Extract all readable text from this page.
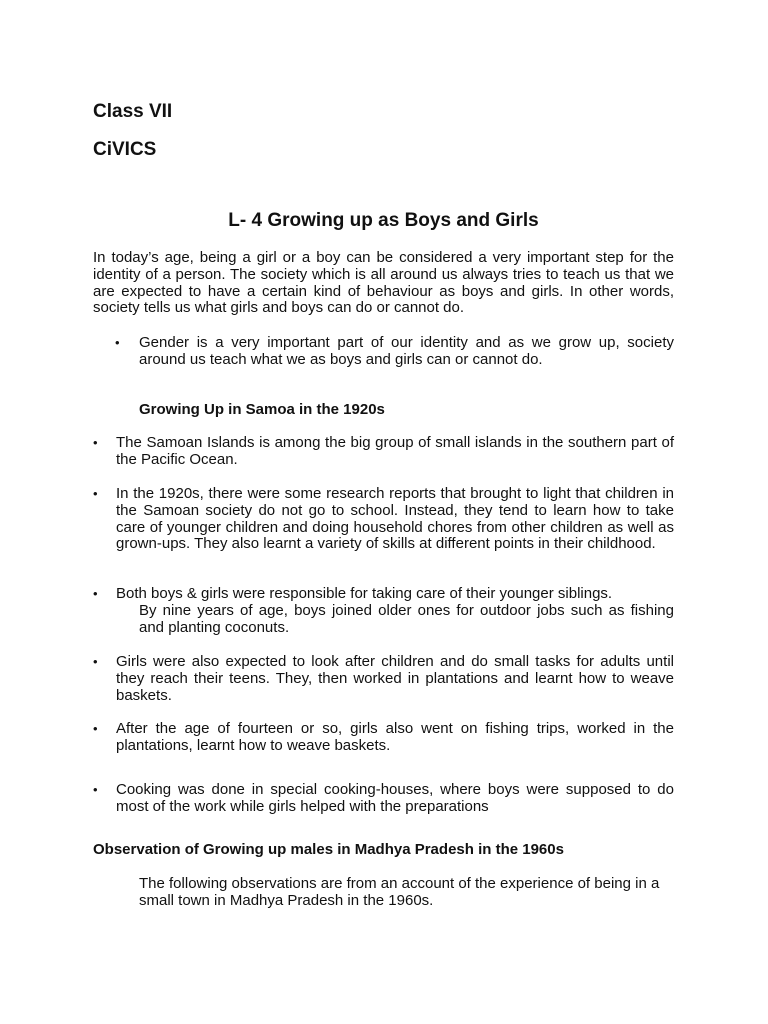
Class VII
CiVICS
L- 4 Growing up as Boys and Girls

In today’s age, being a girl or a boy can be considered a very important step for the identity of a person. The society which is all around us always tries to teach us that we are expected to have a certain kind of behaviour as boys and girls. In other words, society tells us what girls and boys can do or cannot do.

• Gender is a very important part of our identity and as we grow up, society around us teach what we as boys and girls can or cannot do.

Growing Up in Samoa in the 1920s

• The Samoan Islands is among the big group of small islands in the southern part of the Pacific Ocean.

• In the 1920s, there were some research reports that brought to light that children in the Samoan society do not go to school. Instead, they tend to learn how to take care of younger children and doing household chores from other children as well as grown-ups. They also learnt a variety of skills at different points in their childhood.

• Both boys & girls were responsible for taking care of their younger siblings.

By nine years of age, boys joined older ones for outdoor jobs such as fishing and planting coconuts.

• Girls were also expected to look after children and do small tasks for adults until they reach their teens. They, then worked in plantations and learnt how to weave baskets.

• After the age of fourteen or so, girls also went on fishing trips, worked in the plantations, learnt how to weave baskets.

• Cooking was done in special cooking-houses, where boys were supposed to do most of the work while girls helped with the preparations

Observation of Growing up males in Madhya Pradesh in the 1960s

The following observations are from an account of the experience of being in a small town in Madhya Pradesh in the 1960s.
